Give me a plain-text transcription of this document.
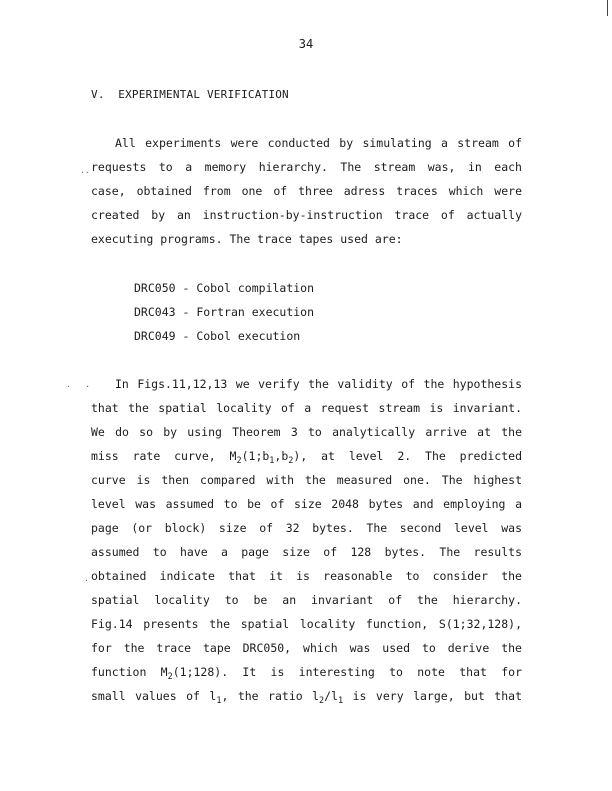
34
V.  EXPERIMENTAL VERIFICATION
All experiments were conducted by simulating a stream of
requests to a memory hierarchy. The stream was, in each
case, obtained from one of three adress traces which were
created by an instruction-by-instruction trace of actually
executing programs. The trace tapes used are:
..
DRC050 - Cobol compilation
DRC043 - Fortran execution
DRC049 - Cobol execution
.   . In Figs.11,12,13 we verify the validity of the hypothesis
that the spatial locality of a request stream is invariant.
We do so by using Theorem 3 to analytically arrive at the
miss rate curve, $M_2(1;b_1,b_2)$, at level 2. The predicted
curve is then compared with the measured one. The highest
level was assumed to be of size 2048 bytes and employing a
page (or block) size of 32 bytes. The second level was
assumed to have a page size of 128 bytes. The results
. obtained indicate that it is reasonable to consider the
spatial locality to be an invariant of the hierarchy.
Fig.14 presents the spatial locality function, S(1;32,128),
for the trace tape DRC050, which was used to derive the
function $M_2(1;128)$. It is interesting to note that for
small values of $l_1$, the ratio $l_2/l_1$ is very large, but that
